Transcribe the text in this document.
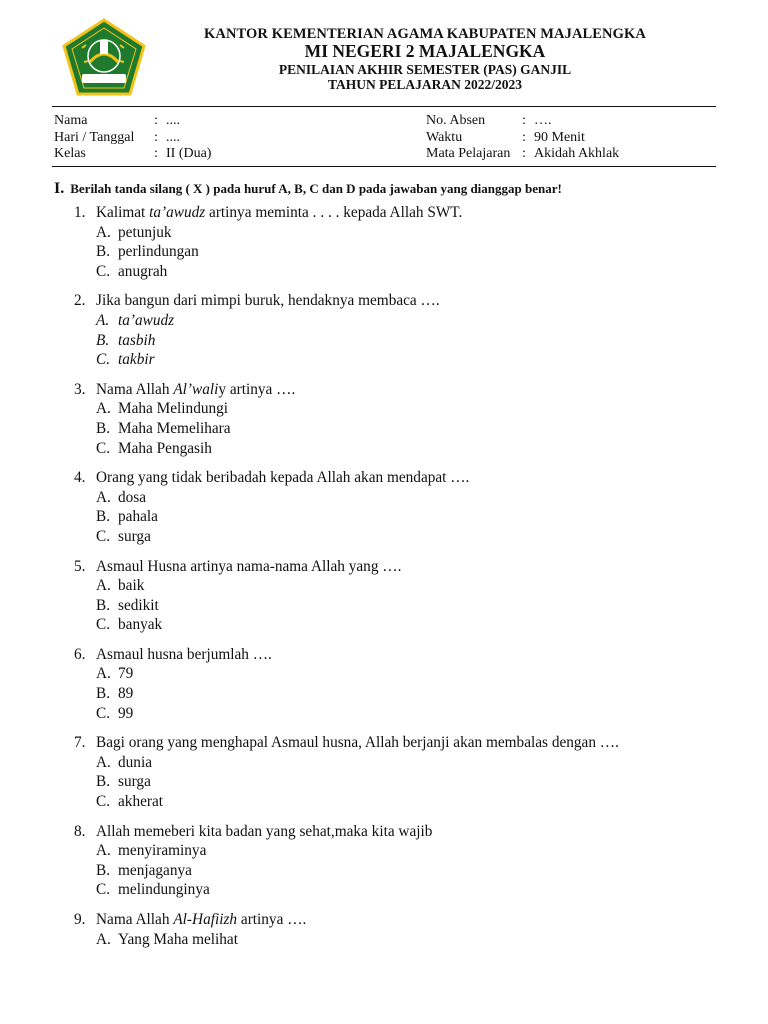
KANTOR KEMENTERIAN AGAMA KABUPATEN MAJALENGKA
MI NEGERI 2 MAJALENGKA
PENILAIAN AKHIR SEMESTER (PAS) GANJIL
TAHUN PELAJARAN 2022/2023
Nama	: ....
Hari / Tanggal	: ....
Kelas	: II (Dua)
No. Absen	: ….
Waktu	: 90 Menit
Mata Pelajaran : Akidah Akhlak
I. Berilah tanda silang ( X ) pada huruf A, B, C dan D pada jawaban yang dianggap benar!
1. Kalimat ta’awudz artinya meminta . . . . kepada Allah SWT.
A. petunjuk
B. perlindungan
C. anugrah
2. Jika bangun dari mimpi buruk, hendaknya membaca ….
A. ta’awudz
B. tasbih
C. takbir
3. Nama Allah Al’waliy artinya ….
A. Maha Melindungi
B. Maha Memelihara
C. Maha Pengasih
4. Orang yang tidak beribadah kepada Allah akan mendapat ….
A. dosa
B. pahala
C. surga
5. Asmaul Husna artinya nama-nama Allah yang ….
A. baik
B. sedikit
C. banyak
6. Asmaul husna berjumlah ….
A. 79
B. 89
C. 99
7. Bagi orang yang menghapal Asmaul husna, Allah berjanji akan membalas dengan ….
A. dunia
B. surga
C. akherat
8. Allah memeberi kita badan yang sehat,maka kita wajib
A. menyiraminya
B. menjaganya
C. melindunginya
9. Nama Allah Al-Hafiizh artinya ….
A. Yang Maha melihat
